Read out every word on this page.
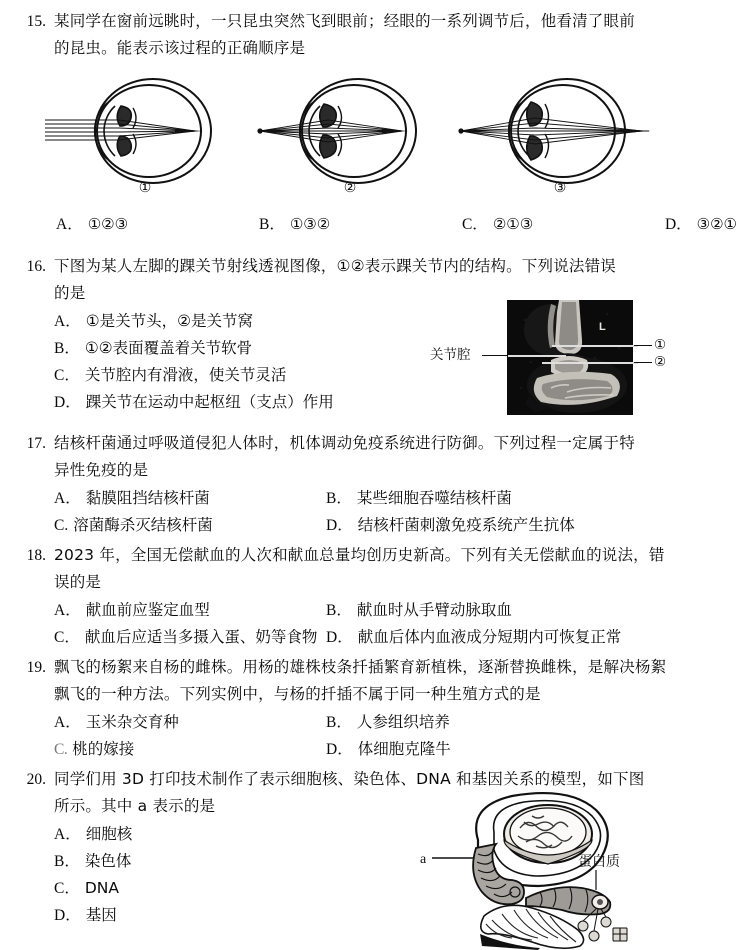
15. 某同学在窗前远眺时，一只昆虫突然飞到眼前；经眼的一系列调节后，他看清了眼前
的昆虫。能表示该过程的正确顺序是
①	②	③
A． ①②③	B． ①③②	C． ②①③	D． ③②①
16. 下图为某人左脚的踝关节射线透视图像，①②表示踝关节内的结构。下列说法错误
的是
A． ①是关节头，②是关节窝
B． ①②表面覆盖着关节软骨
C． 关节腔内有滑液，使关节灵活
D． 踝关节在运动中起枢纽（支点）作用
L
关节腔
①
②
17. 结核杆菌通过呼吸道侵犯人体时，机体调动免疫系统进行防御。下列过程一定属于特
异性免疫的是
A． 黏膜阻挡结核杆菌	B． 某些细胞吞噬结核杆菌
C. 溶菌酶杀灭结核杆菌	D． 结核杆菌刺激免疫系统产生抗体
18. 2023 年，全国无偿献血的人次和献血总量均创历史新高。下列有关无偿献血的说法，错
误的是
A． 献血前应鉴定血型	B． 献血时从手臂动脉取血
C． 献血后应适当多摄入蛋、奶等食物 D． 献血后体内血液成分短期内可恢复正常
19. 飘飞的杨絮来自杨的雌株。用杨的雄株枝条扦插繁育新植株，逐渐替换雌株，是解决杨絮
飘飞的一种方法。下列实例中，与杨的扦插不属于同一种生殖方式的是
A． 玉米杂交育种	B． 人参组织培养
C. 桃的嫁接	D． 体细胞克隆牛
20. 同学们用 3D 打印技术制作了表示细胞核、染色体、DNA 和基因关系的模型，如下图
所示。其中 a 表示的是
A． 细胞核
B． 染色体
C． DNA
D． 基因
a	蛋白质
